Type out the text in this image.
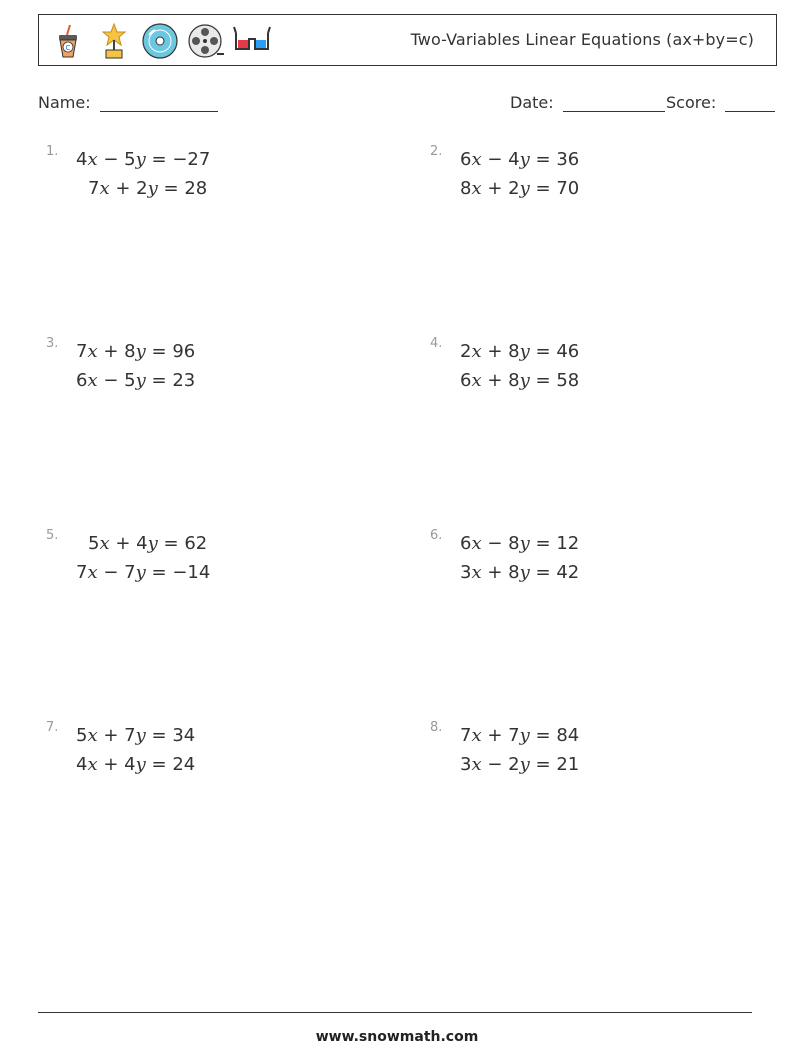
C	Two-Variables Linear Equations (ax+by=c)
Name:	Date:	Score:
1. 4x − 5y = −27
7x + 2y = 28
2. 6x − 4y = 36
8x + 2y = 70
3. 7x + 8y = 96
6x − 5y = 23
4. 2x + 8y = 46
6x + 8y = 58
5. 5x + 4y = 62
7x − 7y = −14
6. 6x − 8y = 12
3x + 8y = 42
7. 5x + 7y = 34
4x + 4y = 24
8. 7x + 7y = 84
3x − 2y = 21
www.snowmath.com
